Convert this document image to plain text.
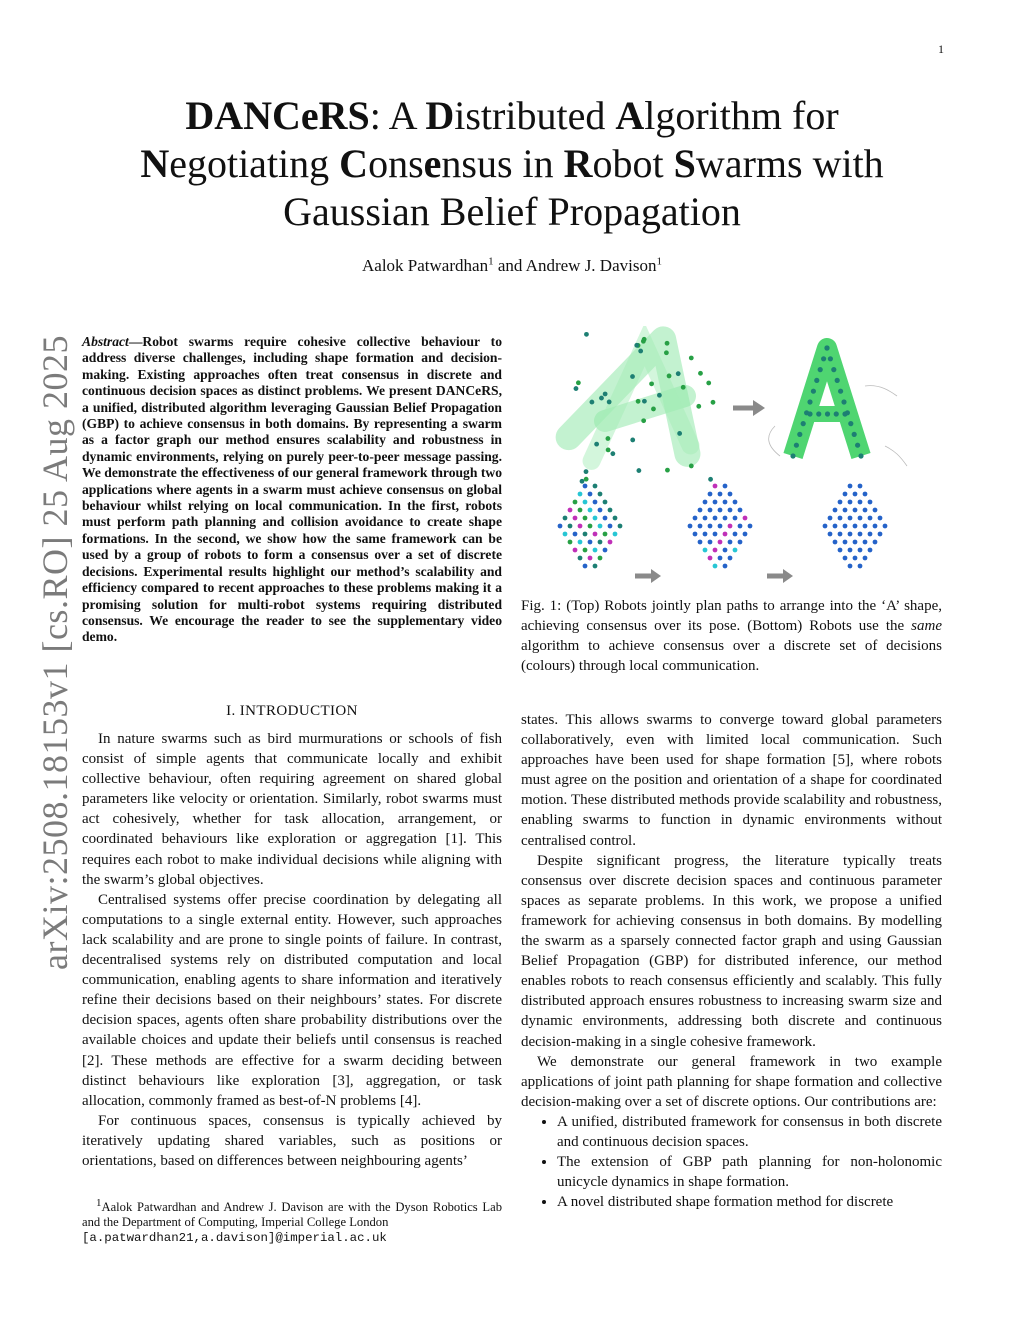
1
arXiv:2508.18153v1 [cs.RO] 25 Aug 2025
DANCeRS: A Distributed Algorithm for
Negotiating Consensus in Robot Swarms with
Gaussian Belief Propagation
Aalok Patwardhan$^1$ and Andrew J. Davison$^1$
Abstract—Robot swarms require cohesive collective behaviour to address diverse challenges, including shape formation and decision-making. Existing approaches often treat consensus in discrete and continuous decision spaces as distinct problems. We present DANCeRS, a unified, distributed algorithm leveraging Gaussian Belief Propagation (GBP) to achieve consensus in both domains. By representing a swarm as a factor graph our method ensures scalability and robustness in dynamic environments, relying on purely peer-to-peer message passing. We demonstrate the effectiveness of our general framework through two applications where agents in a swarm must achieve consensus on global behaviour whilst relying on local communication. In the first, robots must perform path planning and collision avoidance to create shape formations. In the second, we show how the same framework can be used by a group of robots to form a consensus over a set of discrete decisions. Experimental results highlight our method’s scalability and efficiency compared to recent approaches to these problems making it a promising solution for multi-robot systems requiring distributed consensus. We encourage the reader to see the supplementary video demo.
I. INTRODUCTION

In nature swarms such as bird murmurations or schools of fish consist of simple agents that communicate locally and exhibit collective behaviour, often requiring agreement on shared global parameters like velocity or orientation. Similarly, robot swarms must act cohesively, whether for task allocation, arrangement, or coordinated behaviours like exploration or aggregation [1]. This requires each robot to make individual decisions while aligning with the swarm’s global objectives.

Centralised systems offer precise coordination by delegating all computations to a single external entity. However, such approaches lack scalability and are prone to single points of failure. In contrast, decentralised systems rely on distributed computation and local communication, enabling agents to share information and iteratively refine their decisions based on their neighbours’ states. For discrete decision spaces, agents often share probability distributions over the available choices and update their beliefs until consensus is reached [2]. These methods are effective for a swarm deciding between distinct behaviours like exploration [3], aggregation, or task allocation, commonly framed as best-of-N problems [4].

For continuous spaces, consensus is typically achieved by iteratively updating shared variables, such as positions or orientations, based on differences between neighbouring agents’

$^1$Aalok Patwardhan and Andrew J. Davison are with the Dyson Robotics Lab and the Department of Computing, Imperial College London
[a.patwardhan21,a.davison]@imperial.ac.uk
Fig. 1: (Top) Robots jointly plan paths to arrange into the ‘A’ shape, achieving consensus over its pose. (Bottom) Robots use the same algorithm to achieve consensus over a discrete set of decisions (colours) through local communication.

states. This allows swarms to converge toward global parameters collaboratively, even with limited local communication. Such approaches have been used for shape formation [5], where robots must agree on the position and orientation of a shape for coordinated motion. These distributed methods provide scalability and robustness, enabling swarms to function in dynamic environments without centralised control.

Despite significant progress, the literature typically treats consensus over discrete decision spaces and continuous parameter spaces as separate problems. In this work, we propose a unified framework for achieving consensus in both domains. By modelling the swarm as a sparsely connected factor graph and using Gaussian Belief Propagation (GBP) for distributed inference, our method enables robots to reach consensus efficiently and scalably. This fully distributed approach ensures robustness to increasing swarm size and dynamic environments, addressing both discrete and continuous decision-making in a single cohesive framework.

We demonstrate our general framework in two example applications of joint path planning for shape formation and collective decision-making over a set of discrete options. Our contributions are:

• A unified, distributed framework for consensus in both discrete and continuous decision spaces.
• The extension of GBP path planning for non-holonomic unicycle dynamics in shape formation.
• A novel distributed shape formation method for discrete
